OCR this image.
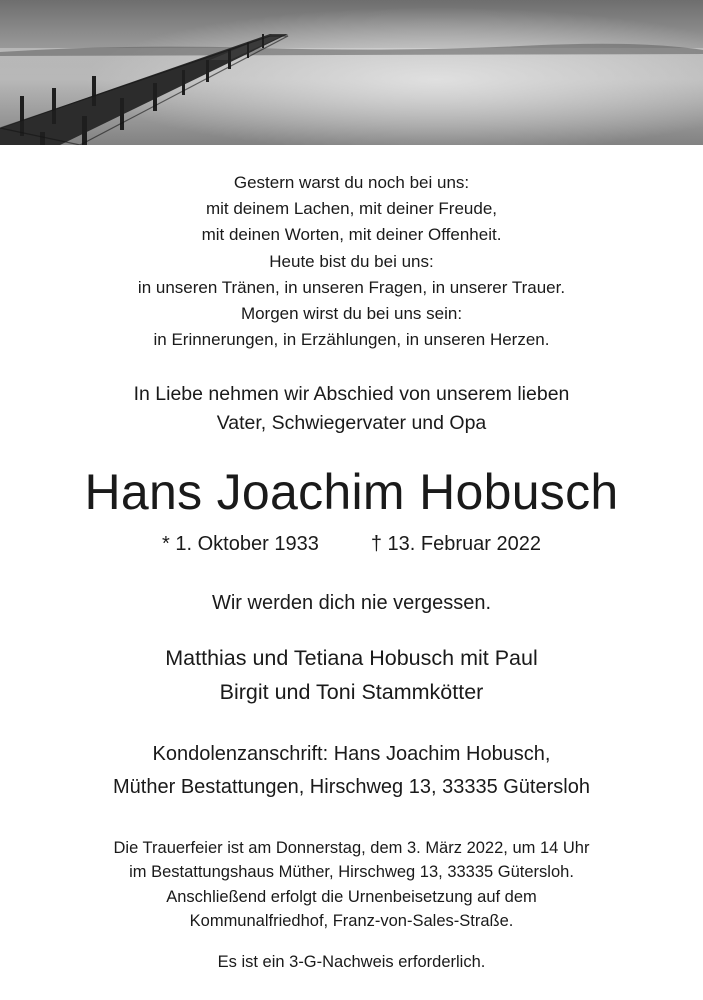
Gestern warst du noch bei uns:
mit deinem Lachen, mit deiner Freude,
mit deinen Worten, mit deiner Offenheit.
Heute bist du bei uns:
in unseren Tränen, in unseren Fragen, in unserer Trauer.
Morgen wirst du bei uns sein:
in Erinnerungen, in Erzählungen, in unseren Herzen.
In Liebe nehmen wir Abschied von unserem lieben
Vater, Schwiegervater und Opa
Hans Joachim Hobusch
* 1. Oktober 1933	† 13. Februar 2022
Wir werden dich nie vergessen.
Matthias und Tetiana Hobusch mit Paul
Birgit und Toni Stammkötter
Kondolenzanschrift: Hans Joachim Hobusch,
Müther Bestattungen, Hirschweg 13, 33335 Gütersloh
Die Trauerfeier ist am Donnerstag, dem 3. März 2022, um 14 Uhr
im Bestattungshaus Müther, Hirschweg 13, 33335 Gütersloh.
Anschließend erfolgt die Urnenbeisetzung auf dem
Kommunalfriedhof, Franz-von-Sales-Straße.
Es ist ein 3-G-Nachweis erforderlich.
